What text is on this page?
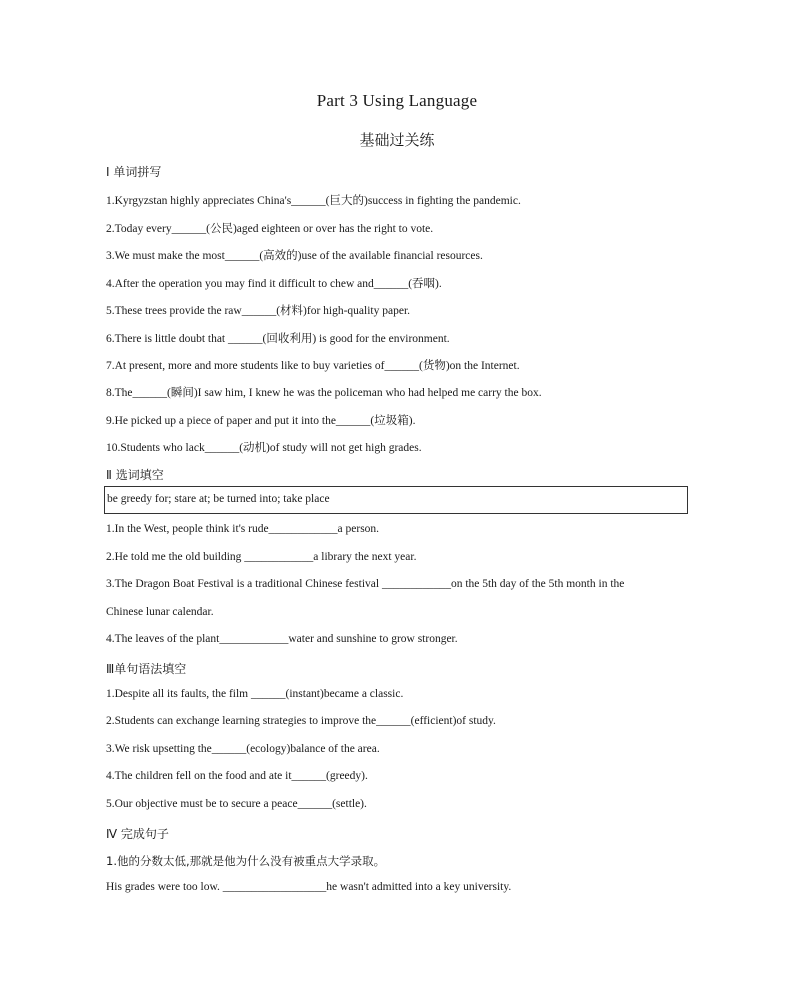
Part 3 Using Language
基础过关练
Ⅰ 单词拼写
1.Kyrgyzstan highly appreciates China's______(巨大的)success in fighting the pandemic.
2.Today every______(公民)aged eighteen or over has the right to vote.
3.We must make the most______(高效的)use of the available financial resources.
4.After the operation you may find it difficult to chew and______(吞咽).
5.These trees provide the raw______(材料)for high-quality paper.
6.There is little doubt that ______(回收利用) is good for the environment.
7.At present, more and more students like to buy varieties of______(货物)on the Internet.
8.The______(瞬间)I saw him, I knew he was the policeman who had helped me carry the box.
9.He picked up a piece of paper and put it into the______(垃圾箱).
10.Students who lack______(动机)of study will not get high grades.
Ⅱ 选词填空
be greedy for; stare at; be turned into; take place
1.In the West, people think it's rude____________a person.
2.He told me the old building ____________a library the next year.
3.The Dragon Boat Festival is a traditional Chinese festival ____________on the 5th day of the 5th month in the
Chinese lunar calendar.
4.The leaves of the plant____________water and sunshine to grow stronger.
Ⅲ单句语法填空
1.Despite all its faults, the film ______(instant)became a classic.
2.Students can exchange learning strategies to improve the______(efficient)of study.
3.We risk upsetting the______(ecology)balance of the area.
4.The children fell on the food and ate it______(greedy).
5.Our objective must be to secure a peace______(settle).
Ⅳ 完成句子
1.他的分数太低,那就是他为什么没有被重点大学录取。
His grades were too low. __________________he wasn't admitted into a key university.
